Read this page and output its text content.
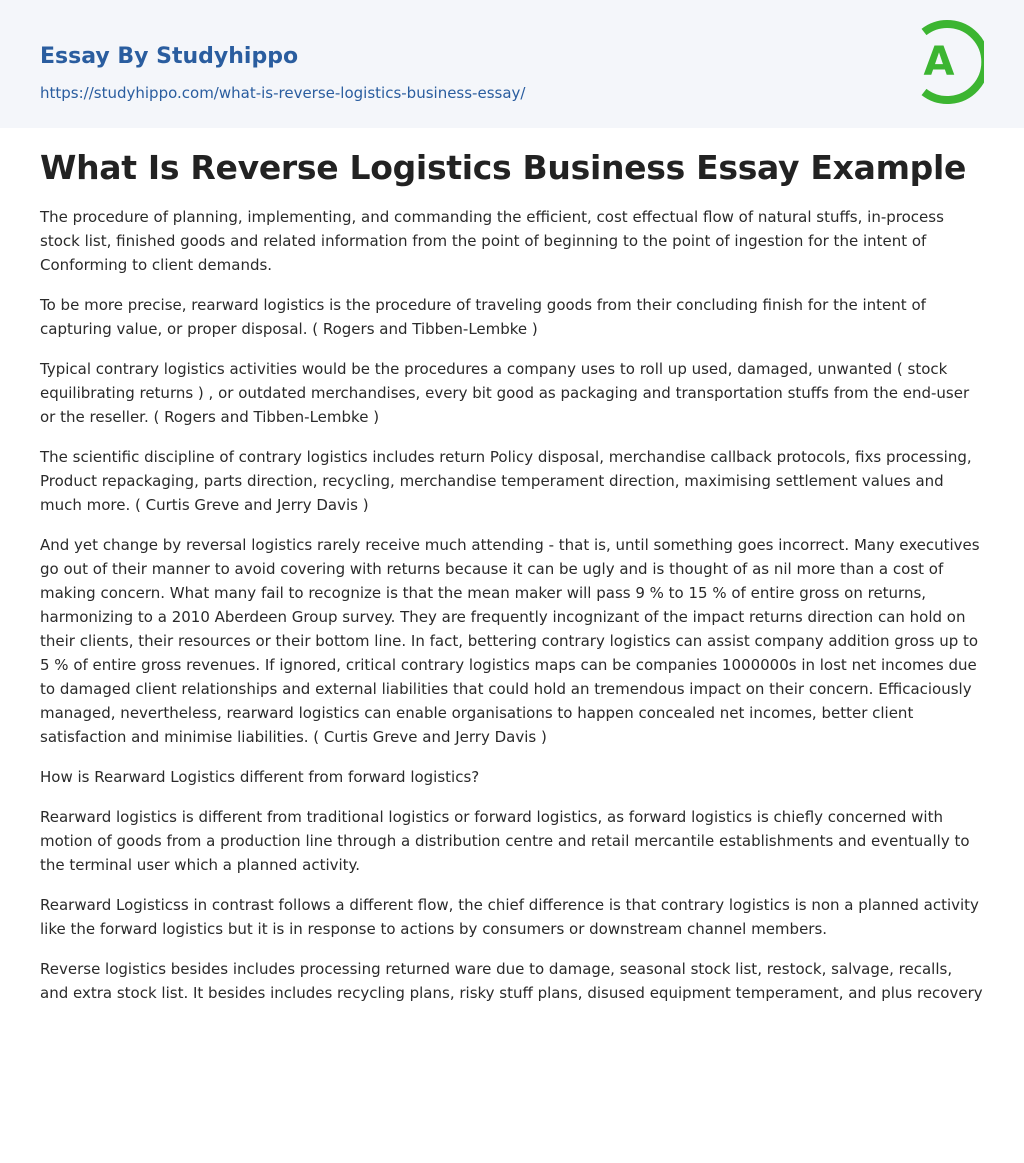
Essay By Studyhippo
https://studyhippo.com/what-is-reverse-logistics-business-essay/
A
What Is Reverse Logistics Business Essay Example

The procedure of planning, implementing, and commanding the efficient, cost effectual flow of natural stuffs, in-process stock list, finished goods and related information from the point of beginning to the point of ingestion for the intent of Conforming to client demands.

To be more precise, rearward logistics is the procedure of traveling goods from their concluding finish for the intent of capturing value, or proper disposal. ( Rogers and Tibben-Lembke )

Typical contrary logistics activities would be the procedures a company uses to roll up used, damaged, unwanted ( stock equilibrating returns ) , or outdated merchandises, every bit good as packaging and transportation stuffs from the end-user or the reseller. ( Rogers and Tibben-Lembke )

The scientific discipline of contrary logistics includes return Policy disposal, merchandise callback protocols, fixs processing, Product repackaging, parts direction, recycling, merchandise temperament direction, maximising settlement values and much more. ( Curtis Greve and Jerry Davis )

And yet change by reversal logistics rarely receive much attending - that is, until something goes incorrect. Many executives go out of their manner to avoid covering with returns because it can be ugly and is thought of as nil more than a cost of making concern. What many fail to recognize is that the mean maker will pass 9 % to 15 % of entire gross on returns, harmonizing to a 2010 Aberdeen Group survey. They are frequently incognizant of the impact returns direction can hold on their clients, their resources or their bottom line. In fact, bettering contrary logistics can assist company addition gross up to 5 % of entire gross revenues. If ignored, critical contrary logistics maps can be companies 1000000s in lost net incomes due to damaged client relationships and external liabilities that could hold an tremendous impact on their concern. Efficaciously managed, nevertheless, rearward logistics can enable organisations to happen concealed net incomes, better client satisfaction and minimise liabilities. ( Curtis Greve and Jerry Davis )

How is Rearward Logistics different from forward logistics?

Rearward logistics is different from traditional logistics or forward logistics, as forward logistics is chiefly concerned with motion of goods from a production line through a distribution centre and retail mercantile establishments and eventually to the terminal user which a planned activity.

Rearward Logisticss in contrast follows a different flow, the chief difference is that contrary logistics is non a planned activity like the forward logistics but it is in response to actions by consumers or downstream channel members.

Reverse logistics besides includes processing returned ware due to damage, seasonal stock list, restock, salvage, recalls, and extra stock list. It besides includes recycling plans, risky stuff plans, disused equipment temperament, and plus recovery
